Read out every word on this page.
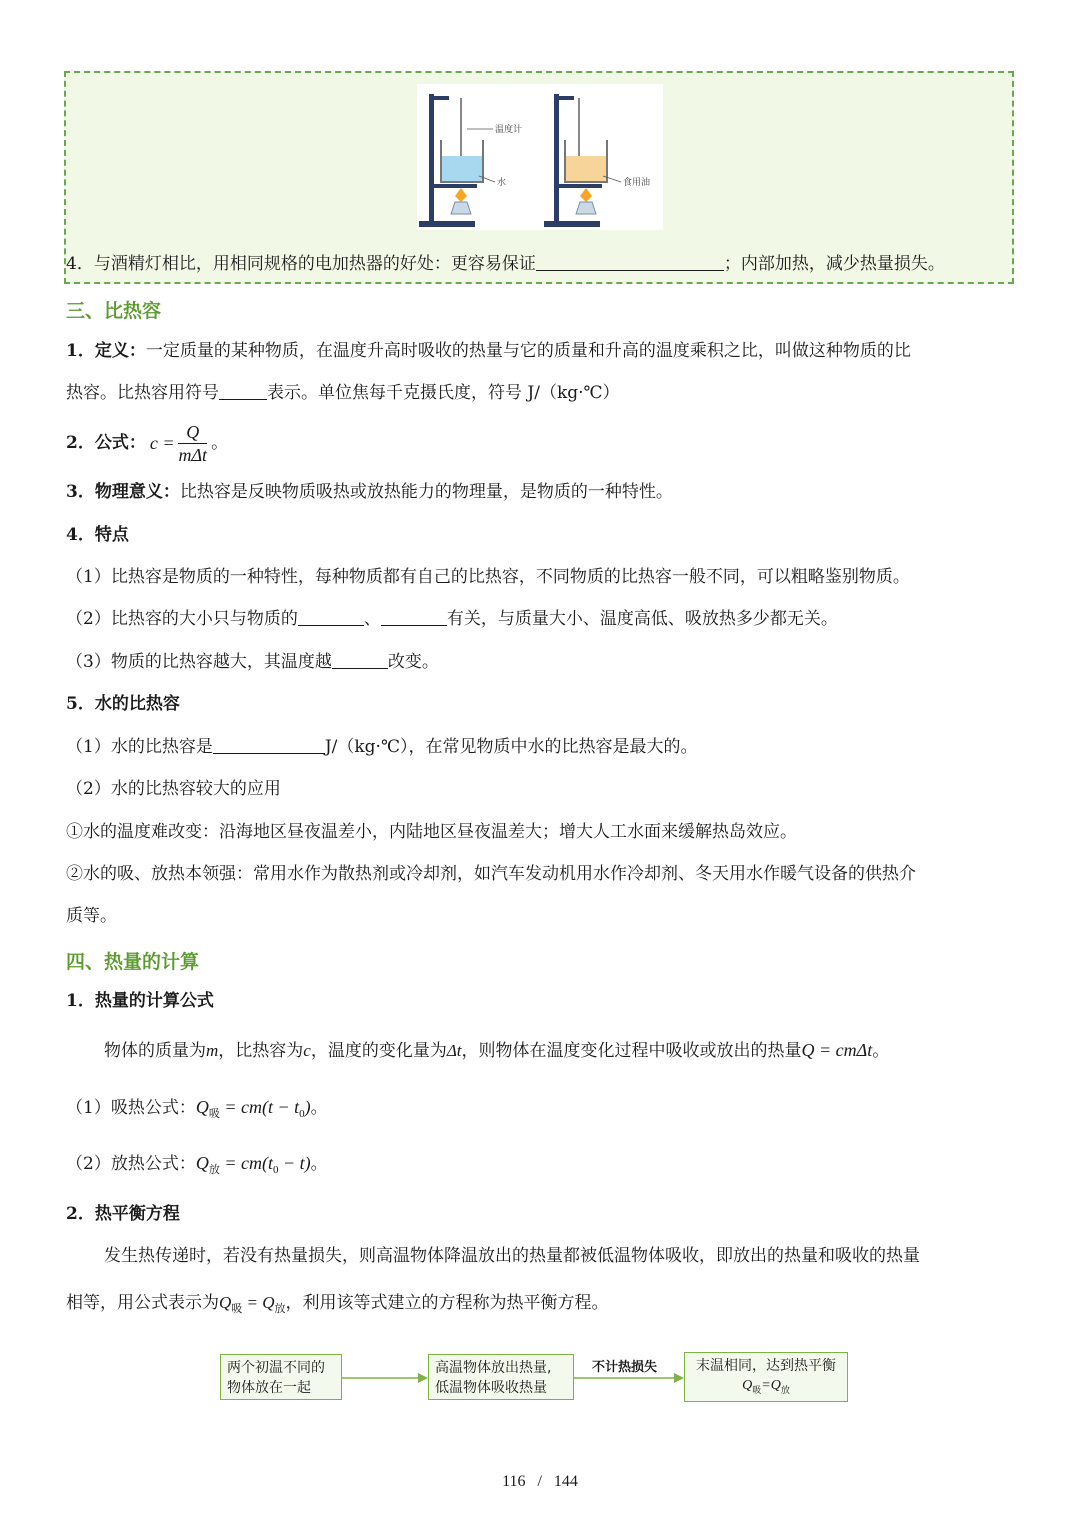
温度计
水	食用油
4．与酒精灯相比，用相同规格的电加热器的好处：更容易保证	；内部加热，减少热量损失。
三、比热容
1．定义：一定质量的某种物质，在温度升高时吸收的热量与它的质量和升高的温度乘积之比，叫做这种物质的比
热容。比热容用符号	表示。单位焦每千克摄氏度，符号 J/（kg·℃）
2．公式： $c = \frac{Q}{\text{mΔt}}$ 。
3．物理意义：比热容是反映物质吸热或放热能力的物理量，是物质的一种特性。
4．特点
（1）比热容是物质的一种特性，每种物质都有自己的比热容，不同物质的比热容一般不同，可以粗略鉴别物质。
（2）比热容的大小只与物质的	、	有关，与质量大小、温度高低、吸放热多少都无关。
（3）物质的比热容越大，其温度越	改变。
5．水的比热容
（1）水的比热容是	J/（kg·℃），在常见物质中水的比热容是最大的。
（2）水的比热容较大的应用
①水的温度难改变：沿海地区昼夜温差小，内陆地区昼夜温差大；增大人工水面来缓解热岛效应。
②水的吸、放热本领强：常用水作为散热剂或冷却剂，如汽车发动机用水作冷却剂、冬天用水作暖气设备的供热介
质等。
四、热量的计算
1．热量的计算公式
物体的质量为m，比热容为c，温度的变化量为Δt，则物体在温度变化过程中吸收或放出的热量Q = cmΔt。
（1）吸热公式：$Q_吸 = cm(t - t_0)$。
（2）放热公式：$Q_放 = cm(t_0 - t)$。
2．热平衡方程
发生热传递时，若没有热量损失，则高温物体降温放出的热量都被低温物体吸收，即放出的热量和吸收的热量
相等，用公式表示为$Q_吸 = Q_放$，利用该等式建立的方程称为热平衡方程。
两个初温不同的
物体放在一起
高温物体放出热量,
低温物体吸收热量
不计热损失	末温相同，达到热平衡
$Q_吸=Q_放$
116 / 144
